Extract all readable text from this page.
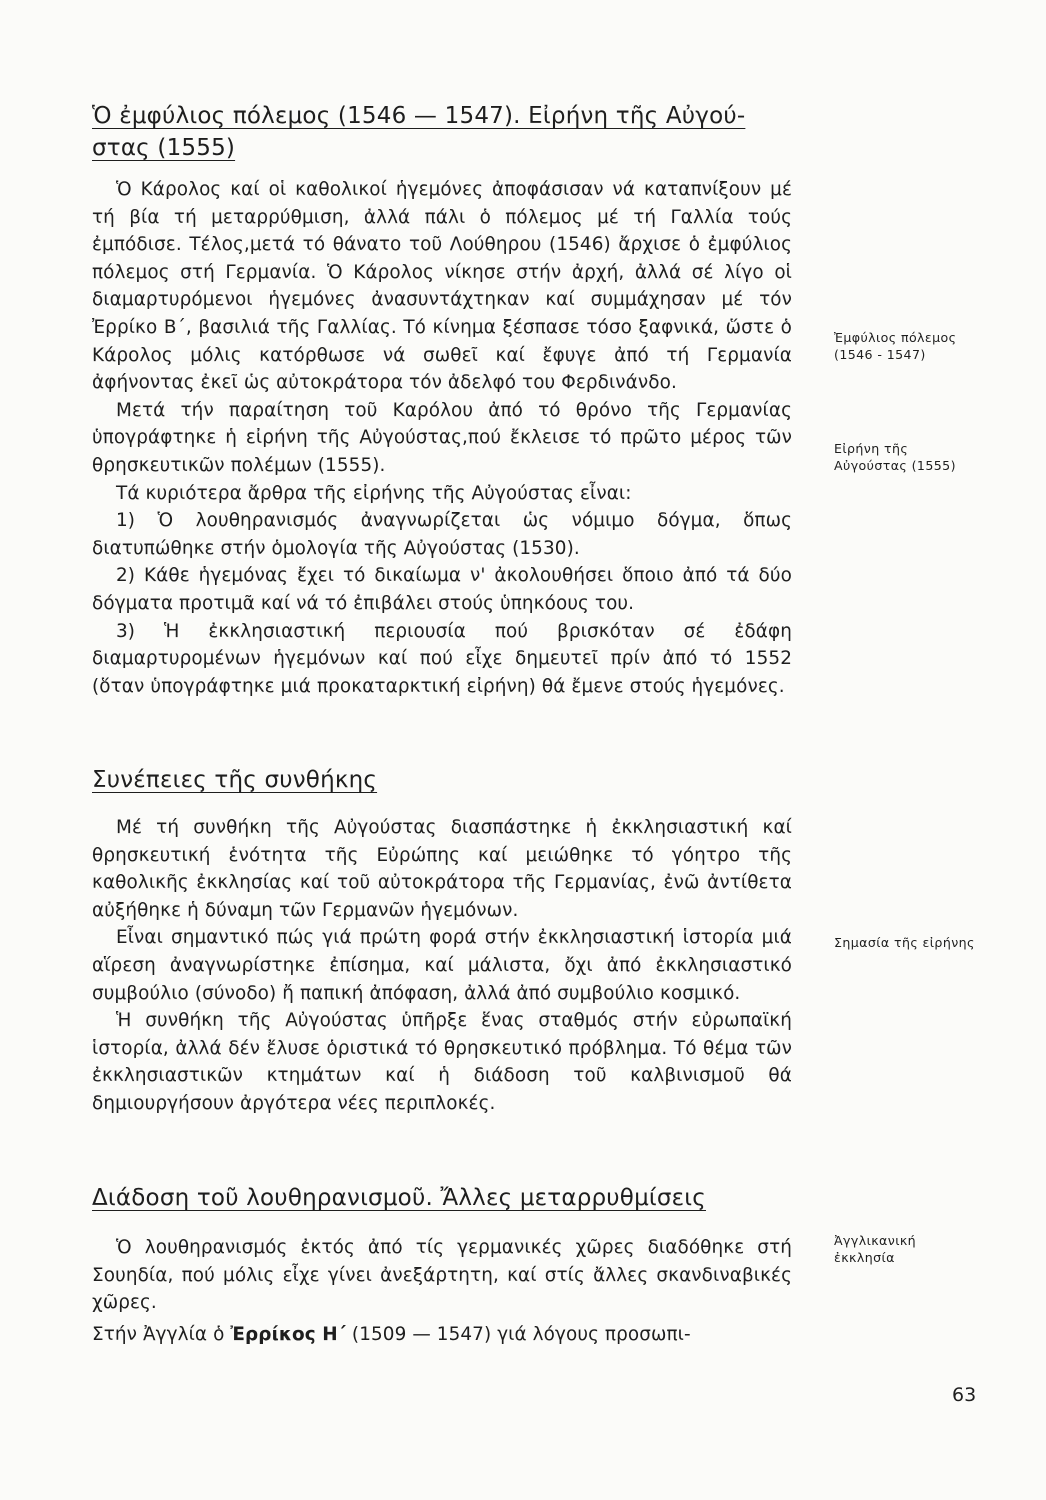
Ὁ ἐμφύλιος πόλεμος (1546 — 1547). Εἰρήνη τῆς Αὐγού-
στας (1555)

Ὁ Κάρολος καί οἱ καθολικοί ἡγεμόνες ἀποφάσισαν νά καταπνίξουν μέ τή βία τή μεταρρύθμιση, ἀλλά πάλι ὁ πόλεμος μέ τή Γαλλία τούς ἐμπόδισε. Τέλος,μετά τό θάνατο τοῦ Λούθηρου (1546) ἄρχισε ὁ ἐμφύλιος πόλεμος στή Γερμανία. Ὁ Κάρολος νίκησε στήν ἀρχή, ἀλλά σέ λίγο οἱ διαμαρτυρόμενοι ἡγεμόνες ἀνασυντάχτηκαν καί συμμάχησαν μέ τόν Ἐρρίκο Β΄, βασιλιά τῆς Γαλλίας. Τό κίνημα ξέσπασε τόσο ξαφνικά, ὥστε ὁ Κάρολος μόλις κατόρθωσε νά σωθεῖ καί ἔφυγε ἀπό τή Γερμανία ἀφήνοντας ἐκεῖ ὡς αὐτοκράτορα τόν ἀδελφό του Φερδινάνδο.

Μετά τήν παραίτηση τοῦ Καρόλου ἀπό τό θρόνο τῆς Γερμανίας ὑπογράφτηκε ἡ εἰρήνη τῆς Αὐγούστας,πού ἔκλεισε τό πρῶτο μέρος τῶν θρησκευτικῶν πολέμων (1555).

Τά κυριότερα ἄρθρα τῆς εἰρήνης τῆς Αὐγούστας εἶναι:

1) Ὁ λουθηρανισμός ἀναγνωρίζεται ὡς νόμιμο δόγμα, ὅπως διατυπώθηκε στήν ὁμολογία τῆς Αὐγούστας (1530).

2) Κάθε ἡγεμόνας ἔχει τό δικαίωμα ν' ἀκολουθήσει ὅποιο ἀπό τά δύο δόγματα προτιμᾶ καί νά τό ἐπιβάλει στούς ὑπηκόους του.

3) Ἡ ἐκκλησιαστική περιουσία πού βρισκόταν σέ ἐδάφη διαμαρτυρομένων ἡγεμόνων καί πού εἶχε δημευτεῖ πρίν ἀπό τό 1552 (ὅταν ὑπογράφτηκε μιά προκαταρκτική εἰρήνη) θά ἔμενε στούς ἡγεμόνες.

Συνέπειες τῆς συνθήκης

Μέ τή συνθήκη τῆς Αὐγούστας διασπάστηκε ἡ ἐκκλησιαστική καί θρησκευτική ἑνότητα τῆς Εὐρώπης καί μειώθηκε τό γόητρο τῆς καθολικῆς ἐκκλησίας καί τοῦ αὐτοκράτορα τῆς Γερμανίας, ἐνῶ ἀντίθετα αὐξήθηκε ἡ δύναμη τῶν Γερμανῶν ἡγεμόνων.

Εἶναι σημαντικό πώς γιά πρώτη φορά στήν ἐκκλησιαστική ἱστορία μιά αἵρεση ἀναγνωρίστηκε ἐπίσημα, καί μάλιστα, ὄχι ἀπό ἐκκλησιαστικό συμβούλιο (σύνοδο) ἤ παπική ἀπόφαση, ἀλλά ἀπό συμβούλιο κοσμικό.

Ἡ συνθήκη τῆς Αὐγούστας ὑπῆρξε ἕνας σταθμός στήν εὐρωπαϊκή ἱστορία, ἀλλά δέν ἔλυσε ὁριστικά τό θρησκευτικό πρόβλημα. Τό θέμα τῶν ἐκκλησιαστικῶν κτημάτων καί ἡ διάδοση τοῦ καλβινισμοῦ θά δημιουργήσουν ἀργότερα νέες περιπλοκές.

Διάδοση τοῦ λουθηρανισμοῦ. Ἄλλες μεταρρυθμίσεις

Ὁ λουθηρανισμός ἐκτός ἀπό τίς γερμανικές χῶρες διαδόθηκε στή Σουηδία, πού μόλις εἶχε γίνει ἀνεξάρτητη, καί στίς ἄλλες σκανδιναβικές χῶρες.

Στήν Ἀγγλία ὁ Ἐρρίκος Η΄ (1509 — 1547) γιά λόγους προσωπι-

Ἐμφύλιος πόλεμος
(1546 - 1547)
Εἰρήνη τῆς
Αὐγούστας (1555)
Σημασία τῆς εἰρήνης
Ἀγγλικανική
ἐκκλησία
63
